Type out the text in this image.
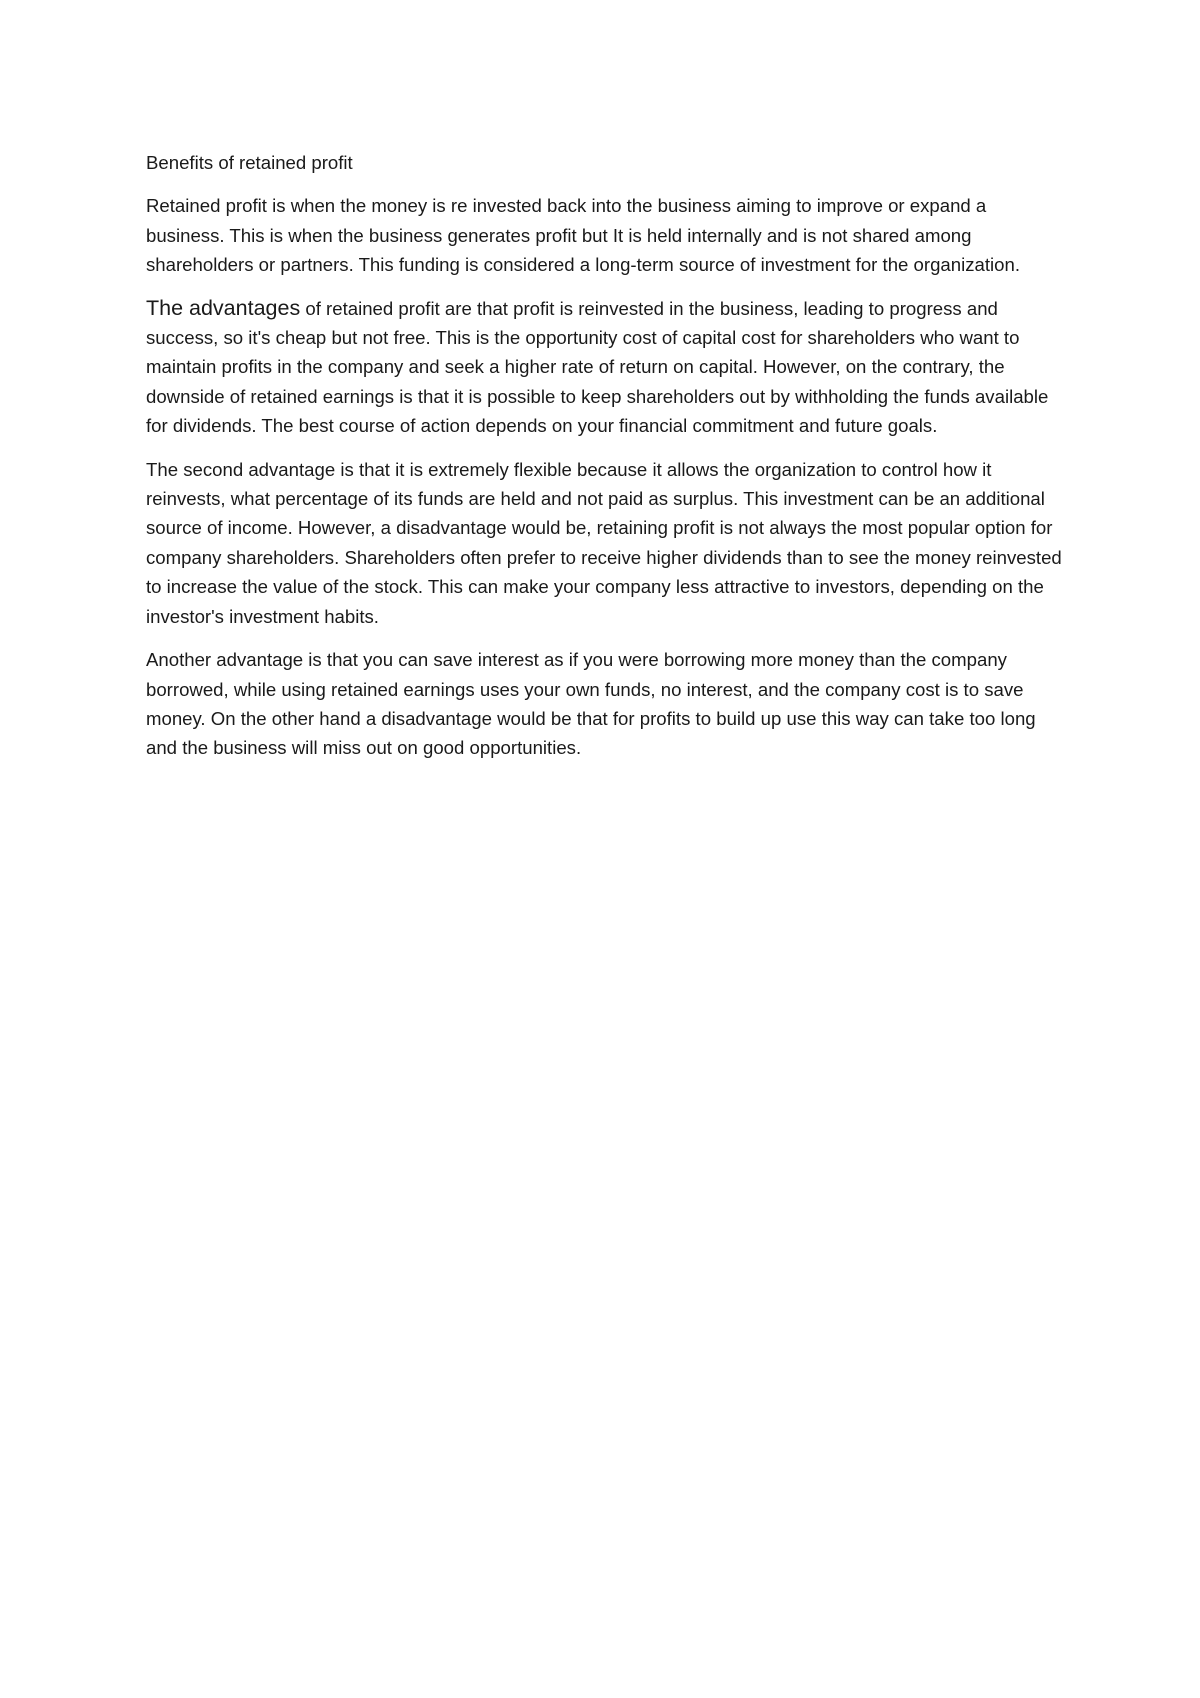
Benefits of retained profit

Retained profit is when the money is re invested back into the business aiming to improve or expand a business. This is when the business generates profit but It is held internally and is not shared among shareholders or partners. This funding is considered a long-term source of investment for the organization.

The advantages of retained profit are that profit is reinvested in the business, leading to progress and success, so it's cheap but not free. This is the opportunity cost of capital cost for shareholders who want to maintain profits in the company and seek a higher rate of return on capital. However, on the contrary, the downside of retained earnings is that it is possible to keep shareholders out by withholding the funds available for dividends. The best course of action depends on your financial commitment and future goals.

The second advantage is that it is extremely flexible because it allows the organization to control how it reinvests, what percentage of its funds are held and not paid as surplus. This investment can be an additional source of income. However, a disadvantage would be, retaining profit is not always the most popular option for company shareholders. Shareholders often prefer to receive higher dividends than to see the money reinvested to increase the value of the stock. This can make your company less attractive to investors, depending on the investor's investment habits.

Another advantage is that you can save interest as if you were borrowing more money than the company borrowed, while using retained earnings uses your own funds, no interest, and the company cost is to save money. On the other hand a disadvantage would be that for profits to build up use this way can take too long and the business will miss out on good opportunities.
